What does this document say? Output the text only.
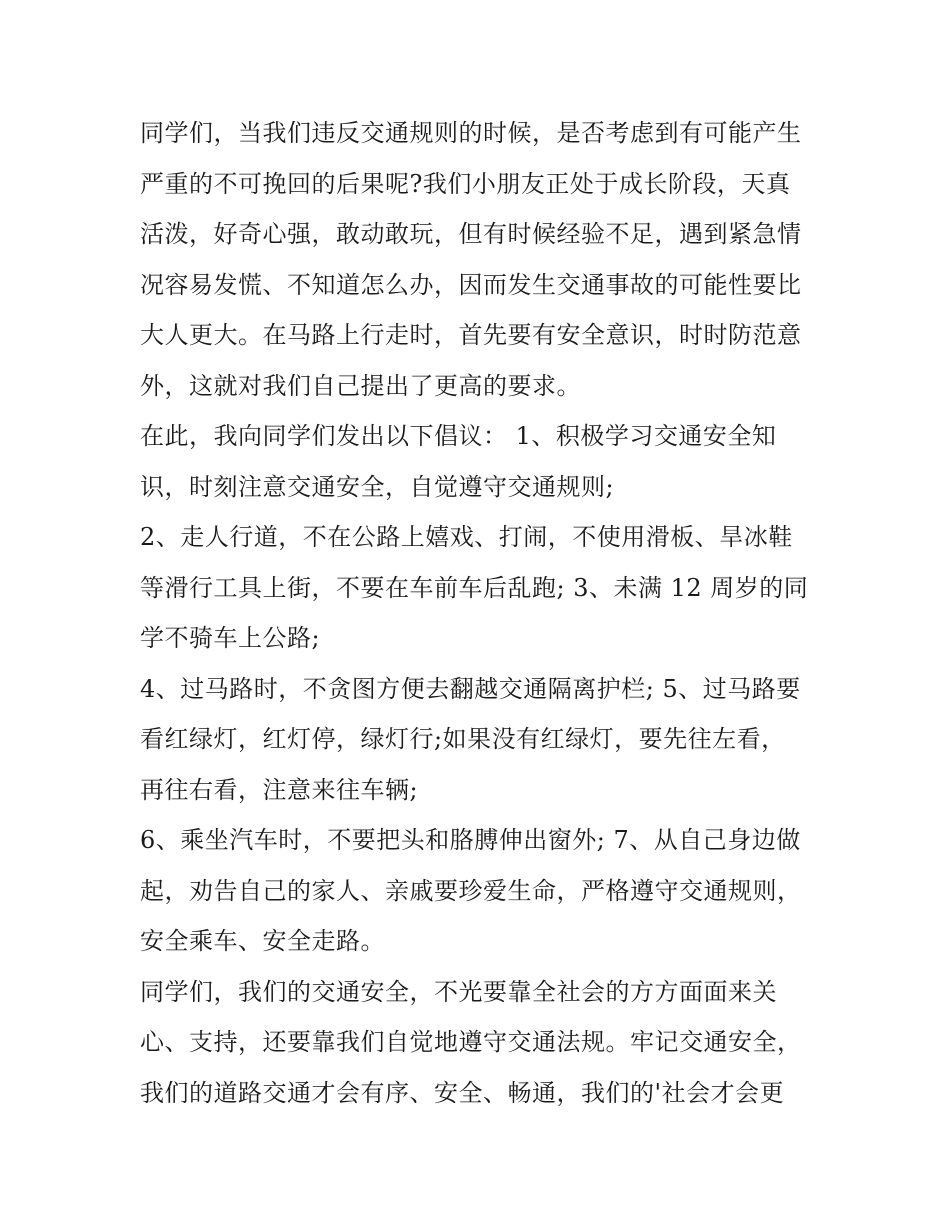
同学们，当我们违反交通规则的时候，是否考虑到有可能产生
严重的不可挽回的后果呢?我们小朋友正处于成长阶段，天真
活泼，好奇心强，敢动敢玩，但有时候经验不足，遇到紧急情
况容易发慌、不知道怎么办，因而发生交通事故的可能性要比
大人更大。在马路上行走时，首先要有安全意识，时时防范意
外，这就对我们自己提出了更高的要求。
在此，我向同学们发出以下倡议： 1、积极学习交通安全知
识，时刻注意交通安全，自觉遵守交通规则;
2、走人行道，不在公路上嬉戏、打闹，不使用滑板、旱冰鞋
等滑行工具上街，不要在车前车后乱跑; 3、未满 12 周岁的同
学不骑车上公路;
4、过马路时，不贪图方便去翻越交通隔离护栏; 5、过马路要
看红绿灯，红灯停，绿灯行;如果没有红绿灯，要先往左看，
再往右看，注意来往车辆;
6、乘坐汽车时，不要把头和胳膊伸出窗外; 7、从自己身边做
起，劝告自己的家人、亲戚要珍爱生命，严格遵守交通规则，
安全乘车、安全走路。
同学们，我们的交通安全，不光要靠全社会的方方面面来关
心、支持，还要靠我们自觉地遵守交通法规。牢记交通安全，
我们的道路交通才会有序、安全、畅通，我们的'社会才会更
